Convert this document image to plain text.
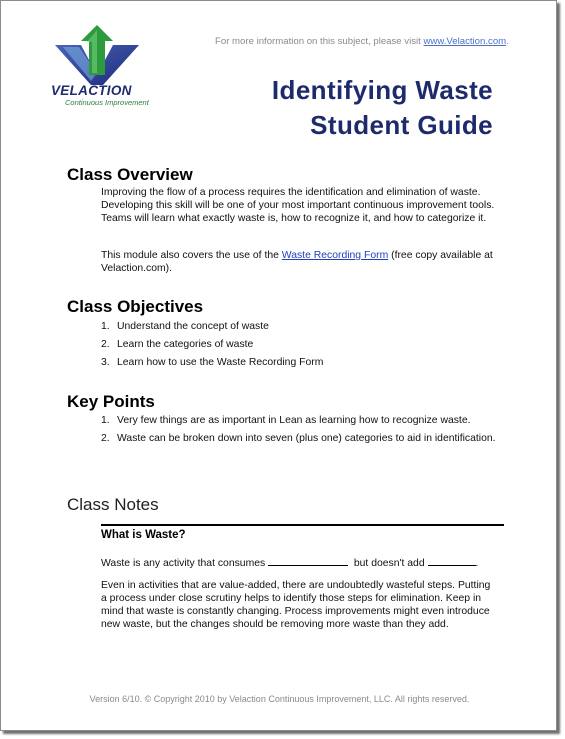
VELACTION
Continuous Improvement
For more information on this subject, please visit www.Velaction.com.
Identifying Waste
Student Guide
Class Overview
Improving the flow of a process requires the identification and elimination of waste. Developing this skill will be one of your most important continuous improvement tools. Teams will learn what exactly waste is, how to recognize it, and how to categorize it.
This module also covers the use of the Waste Recording Form (free copy available at Velaction.com).
Class Objectives
1. Understand the concept of waste
2. Learn the categories of waste
3. Learn how to use the Waste Recording Form
Key Points
1. Very few things are as important in Lean as learning how to recognize waste.
2. Waste can be broken down into seven (plus one) categories to aid in identification.
Class Notes
What is Waste?
Waste is any activity that consumes	but doesn't add	.
Even in activities that are value-added, there are undoubtedly wasteful steps. Putting a process under close scrutiny helps to identify those steps for elimination. Keep in mind that waste is constantly changing. Process improvements might even introduce new waste, but the changes should be removing more waste than they add.
Version 6/10. © Copyright 2010 by Velaction Continuous Improvement, LLC. All rights reserved.
